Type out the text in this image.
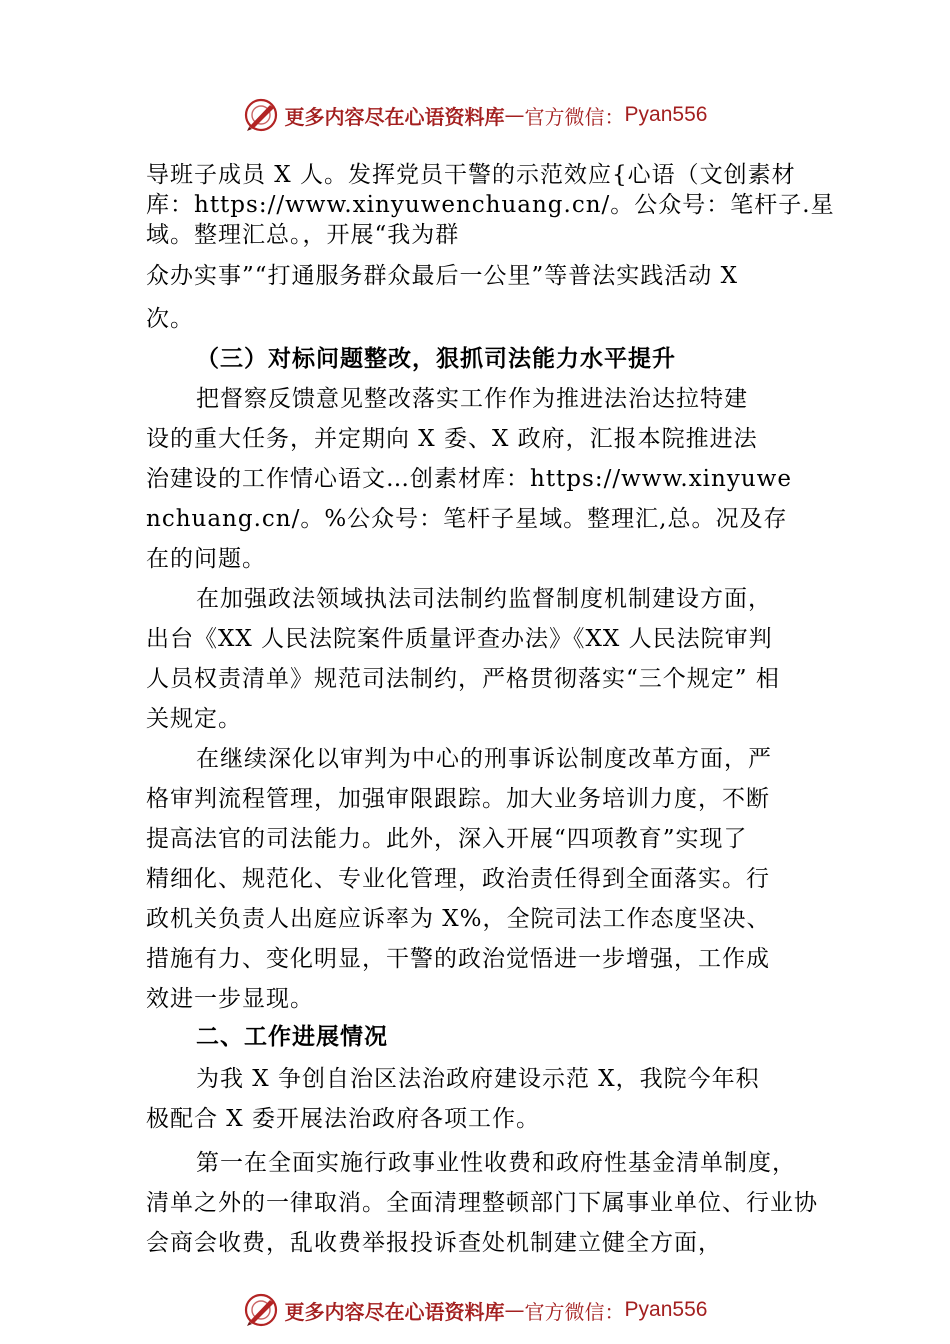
更多内容尽在心语资料库 — 官方微信： Pyan556
导班子成员 X 人。发挥党员干警的示范效应{心语（文创素材
库：https://www.xinyuwenchuang.cn/。公众号：笔杆子.星
域。整理汇总。，开展“我为群
众办实事”“打通服务群众最后一公里”等普法实践活动 X
次。
（三）对标问题整改，狠抓司法能力水平提升
把督察反馈意见整改落实工作作为推进法治达拉特建
设的重大任务，并定期向 X 委、X 政府，汇报本院推进法
治建设的工作情心语文…创素材库：https://www.xinyuwe
nchuang.cn/。%公众号：笔杆子星域。整理汇,总。况及存
在的问题。
在加强政法领域执法司法制约监督制度机制建设方面，
出台《XX 人民法院案件质量评查办法》《XX 人民法院审判
人员权责清单》规范司法制约，严格贯彻落实“三个规定” 相
关规定。
在继续深化以审判为中心的刑事诉讼制度改革方面，严
格审判流程管理，加强审限跟踪。加大业务培训力度，不断
提高法官的司法能力。此外，深入开展“四项教育”实现了
精细化、规范化、专业化管理，政治责任得到全面落实。行
政机关负责人出庭应诉率为 X%，全院司法工作态度坚决、
措施有力、变化明显，干警的政治觉悟进一步增强，工作成
效进一步显现。
二、工作进展情况
为我 X 争创自治区法治政府建设示范 X，我院今年积
极配合 X 委开展法治政府各项工作。
第一在全面实施行政事业性收费和政府性基金清单制度，
清单之外的一律取消。全面清理整顿部门下属事业单位、行业协
会商会收费，乱收费举报投诉查处机制建立健全方面，
更多内容尽在心语资料库 — 官方微信： Pyan556
